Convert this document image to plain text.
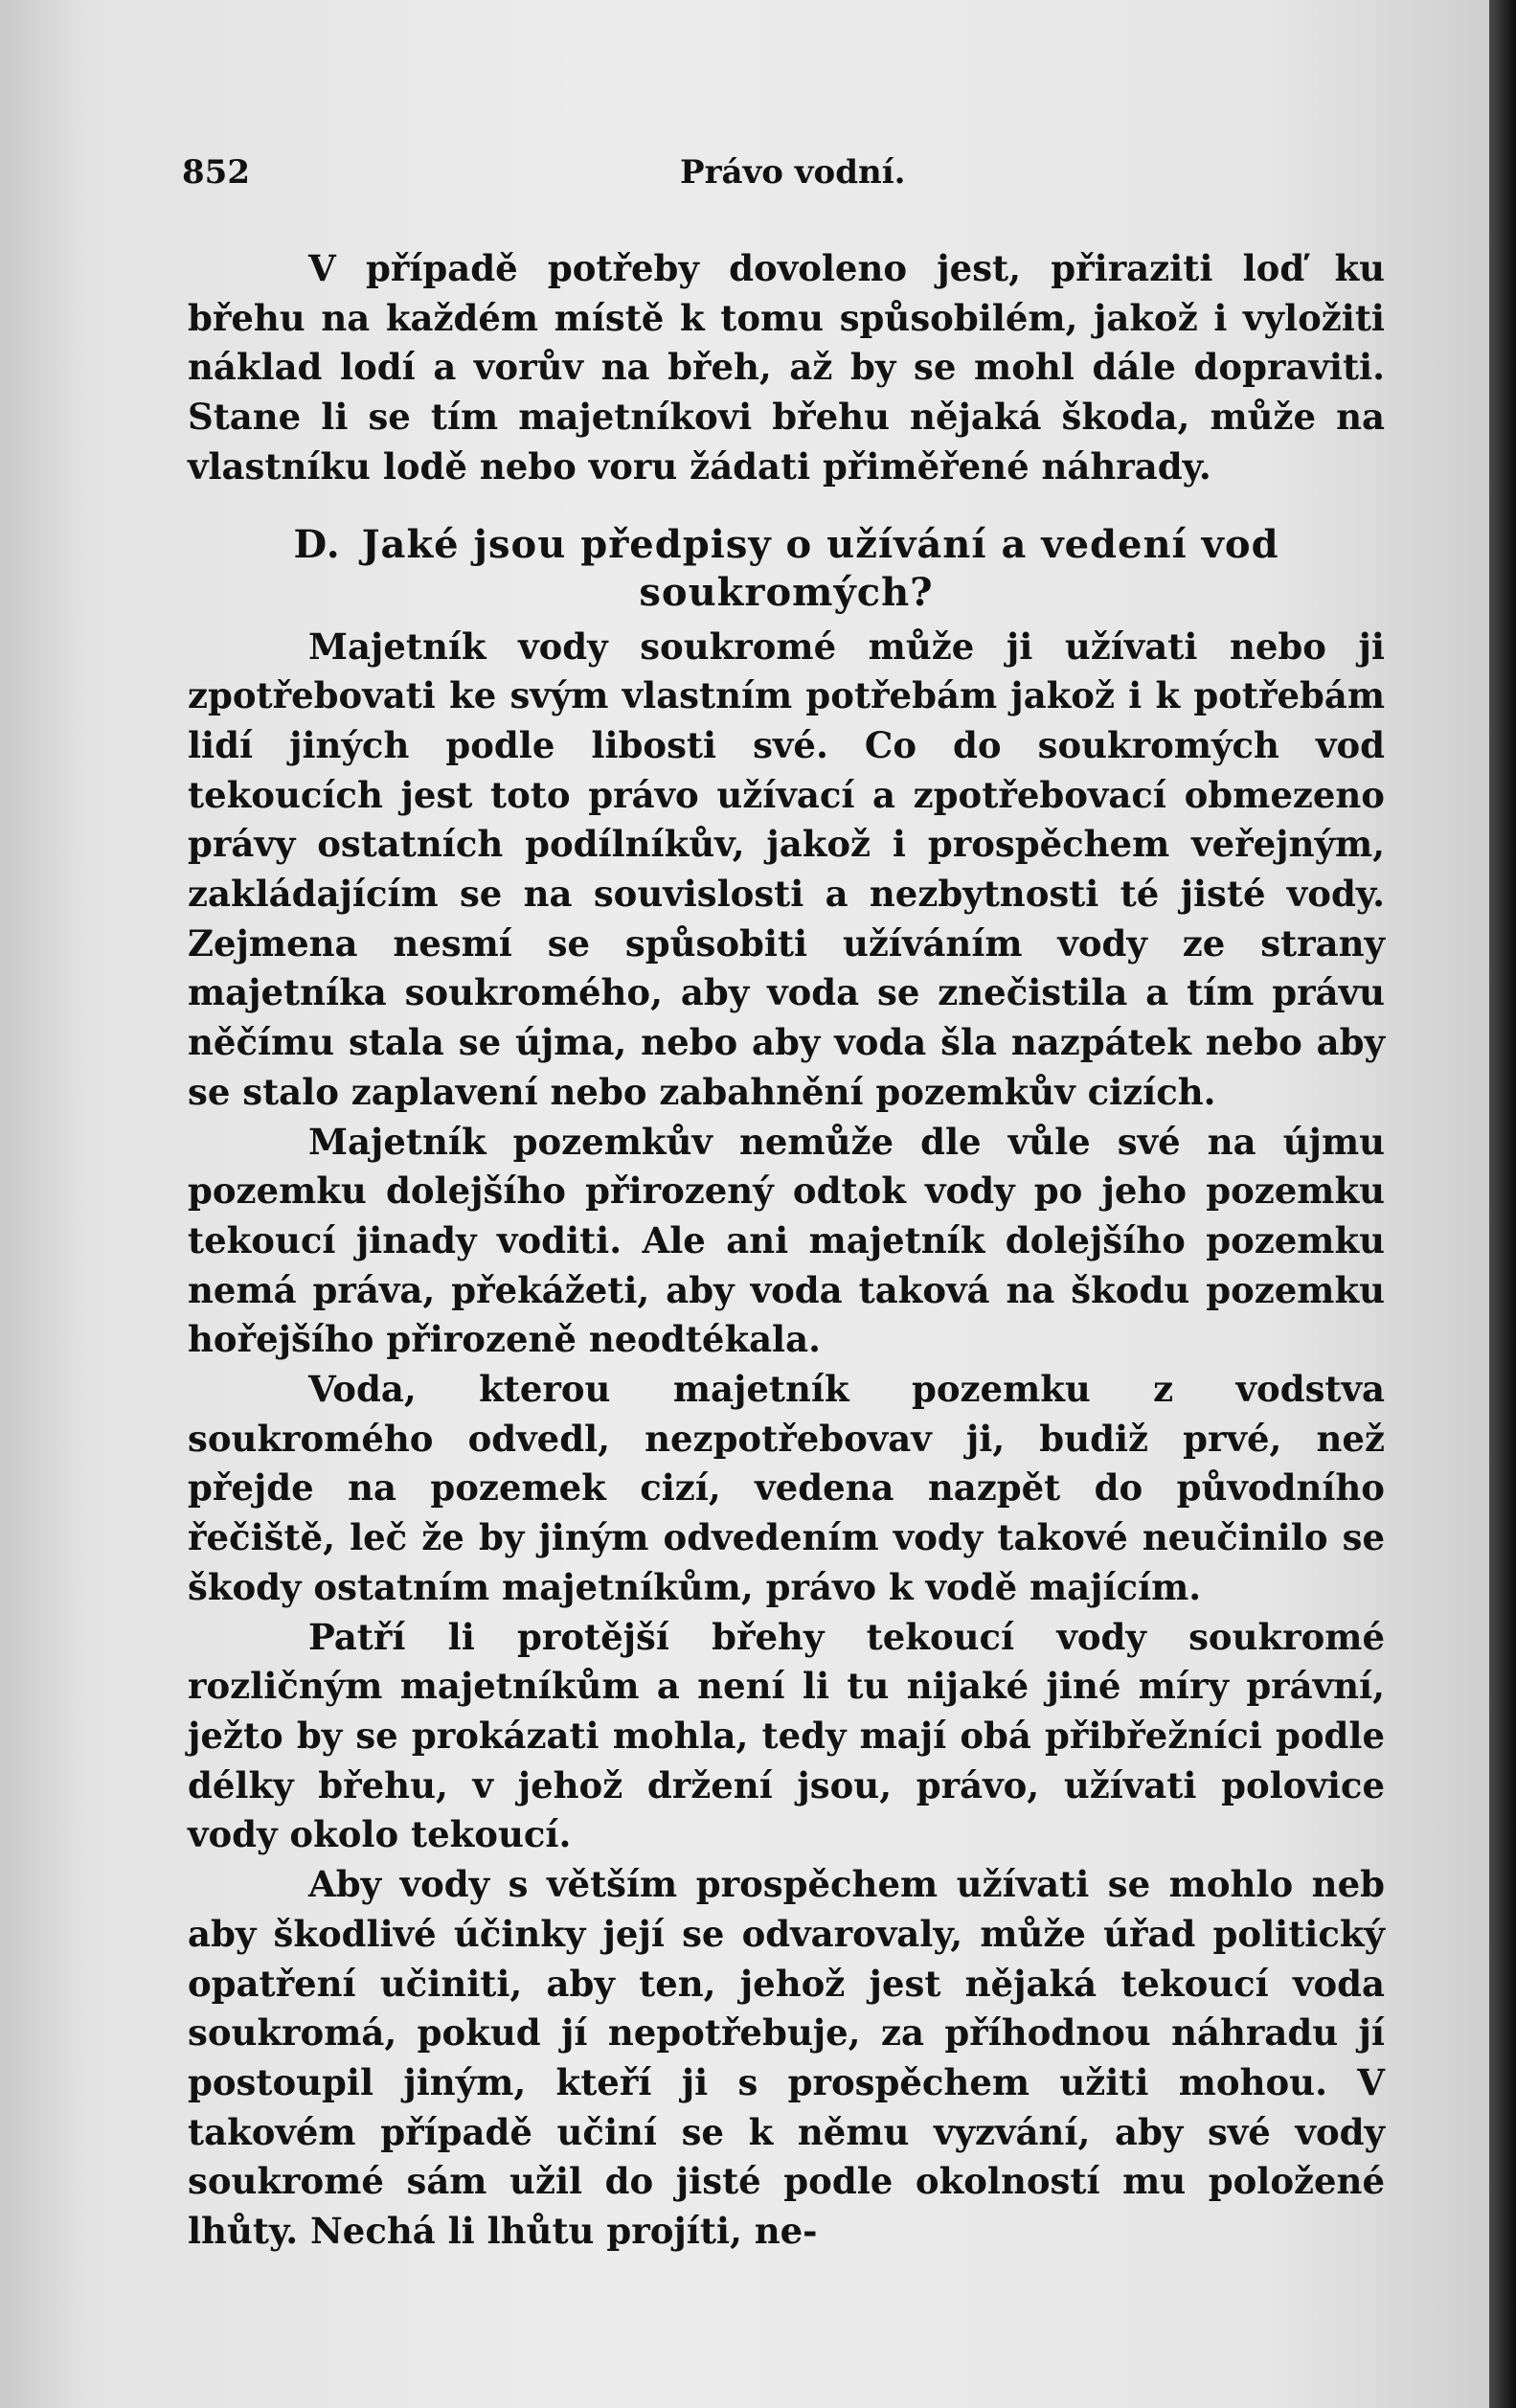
852	Právo vodní.

V případě potřeby dovoleno jest, přiraziti loď ku břehu na každém místě k tomu spůsobilém, jakož i vyložiti náklad lodí a vorův na břeh, až by se mohl dále dopraviti. Stane li se tím majetníkovi břehu nějaká škoda, může na vlastníku lodě nebo voru žádati přiměřené náhrady.

D. Jaké jsou předpisy o užívání a vedení vod soukromých?

Majetník vody soukromé může ji užívati nebo ji zpotřebovati ke svým vlastním potřebám jakož i k potřebám lidí jiných podle libosti své. Co do soukromých vod tekoucích jest toto právo užívací a zpotřebovací obmezeno právy ostatních podílníkův, jakož i prospěchem veřejným, zakládajícím se na souvislosti a nezbytnosti té jisté vody. Zejmena nesmí se spůsobiti užíváním vody ze strany majetníka soukromého, aby voda se znečistila a tím právu něčímu stala se újma, nebo aby voda šla nazpátek nebo aby se stalo zaplavení nebo zabahnění pozemkův cizích.

Majetník pozemkův nemůže dle vůle své na újmu pozemku dolejšího přirozený odtok vody po jeho pozemku tekoucí jinady voditi. Ale ani majetník dolejšího pozemku nemá práva, překážeti, aby voda taková na škodu pozemku hořejšího přirozeně neodtékala.

Voda, kterou majetník pozemku z vodstva soukromého odvedl, nezpotřebovav ji, budiž prvé, než přejde na pozemek cizí, vedena nazpět do původního řečiště, leč že by jiným odvedením vody takové neučinilo se škody ostatním majetníkům, právo k vodě majícím.

Patří li protější břehy tekoucí vody soukromé rozličným majetníkům a není li tu nijaké jiné míry právní, ježto by se prokázati mohla, tedy mají obá přibřežníci podle délky břehu, v jehož držení jsou, právo, užívati polovice vody okolo tekoucí.

Aby vody s větším prospěchem užívati se mohlo neb aby škodlivé účinky její se odvarovaly, může úřad politický opatření učiniti, aby ten, jehož jest nějaká tekoucí voda soukromá, pokud jí nepotřebuje, za příhodnou náhradu jí postoupil jiným, kteří ji s prospěchem užiti mohou. V takovém případě učiní se k němu vyzvání, aby své vody soukromé sám užil do jisté podle okolností mu položené lhůty. Nechá li lhůtu projíti, ne-
